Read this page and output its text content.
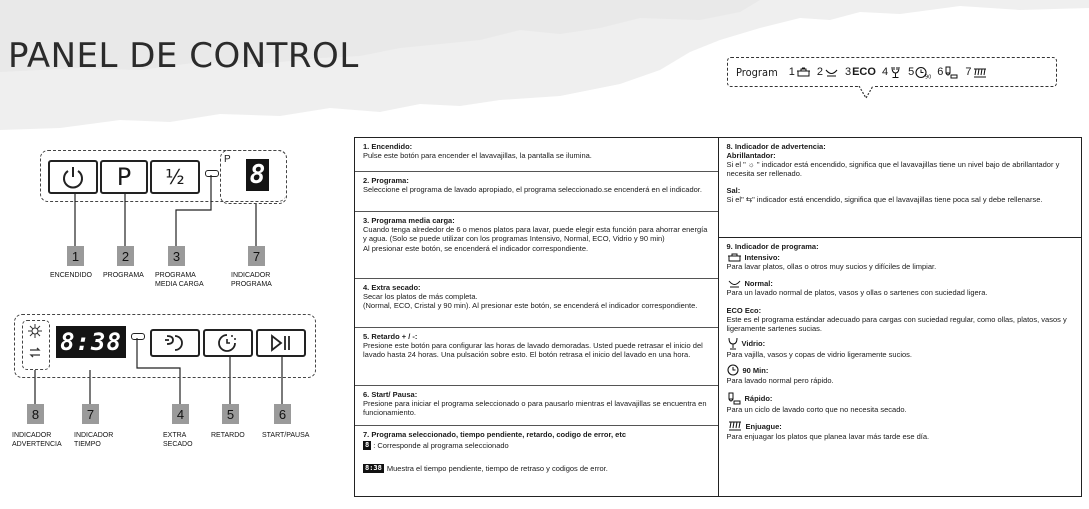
PANEL DE CONTROL	Program 1 2 3 ECO 4 5 90 6 7
P	½
P
8
1	2	3	7
ENCENDIDO PROGRAMA PROGRAMA
MEDIA CARGA
INDICADOR
PROGRAMA
8:38
8	7	4	5	6
INDICADOR
ADVERTENCIA
INDICADOR
TIEMPO
EXTRA
SECADO
RETARDO START/PAUSA
1. Encendido:

Pulse este botón para encender el lavavajillas, la pantalla se ilumina.

2. Programa:

Seleccione el programa de lavado apropiado, el programa seleccionado.se encenderá en el indicador.

3. Programa media carga:

Cuando tenga alrededor de 6 o menos platos para lavar, puede elegir esta función para ahorrar energía y agua. (Solo se puede utilizar con los programas Intensivo, Normal, ECO, Vidrio y 90 min)
Al presionar este botón, se encenderá el indicador correspondiente.

4. Extra secado:

Secar los platos de más completa.
(Normal, ECO, Cristal y 90 min). Al presionar este botón, se encenderá el indicador correspondiente.

5. Retardo + / -:

Presione este botón para configurar las horas de lavado demoradas. Usted puede retrasar el inicio del lavado hasta 24 horas. Una pulsación sobre esto. El botón retrasa el inicio del lavado en una hora.

6. Start/ Pausa:

Presione para iniciar el programa seleccionado o para pausarlo mientras el lavavajillas se encuentra en funcionamiento.

7. Programa seleccionado, tiempo pendiente, retardo, codigo de error, etc

8 : Corresponde al programa seleccionado

8:38 Muestra el tiempo pendiente, tiempo de retraso y codigos de error.

8. Indicador de advertencia:
Abrillantador:

Si el " ☼ " indicador está encendido, significa que el lavavajillas tiene un nivel bajo de abrillantador y necesita ser rellenado.

Sal:

Si el" ⇆" indicador está encendido, significa que el lavavajillas tiene poca sal y debe rellenarse.

9. Indicador de programa:
Intensivo:

Para lavar platos, ollas o otros muy sucios y difíciles de limpiar.

Normal:

Para un lavado normal de platos, vasos y ollas o sartenes con suciedad ligera.

ECO Eco:

Este es el programa estándar adecuado para cargas con suciedad regular, como ollas, platos, vasos y ligeramente sartenes sucias.

Vidrio:

Para vajilla, vasos y copas de vidrio ligeramente sucios.

90 Min:

Para lavado normal pero rápido.

Rápido:

Para un ciclo de lavado corto que no necesita secado.

Enjuague:

Para enjuagar los platos que planea lavar más tarde ese día.
